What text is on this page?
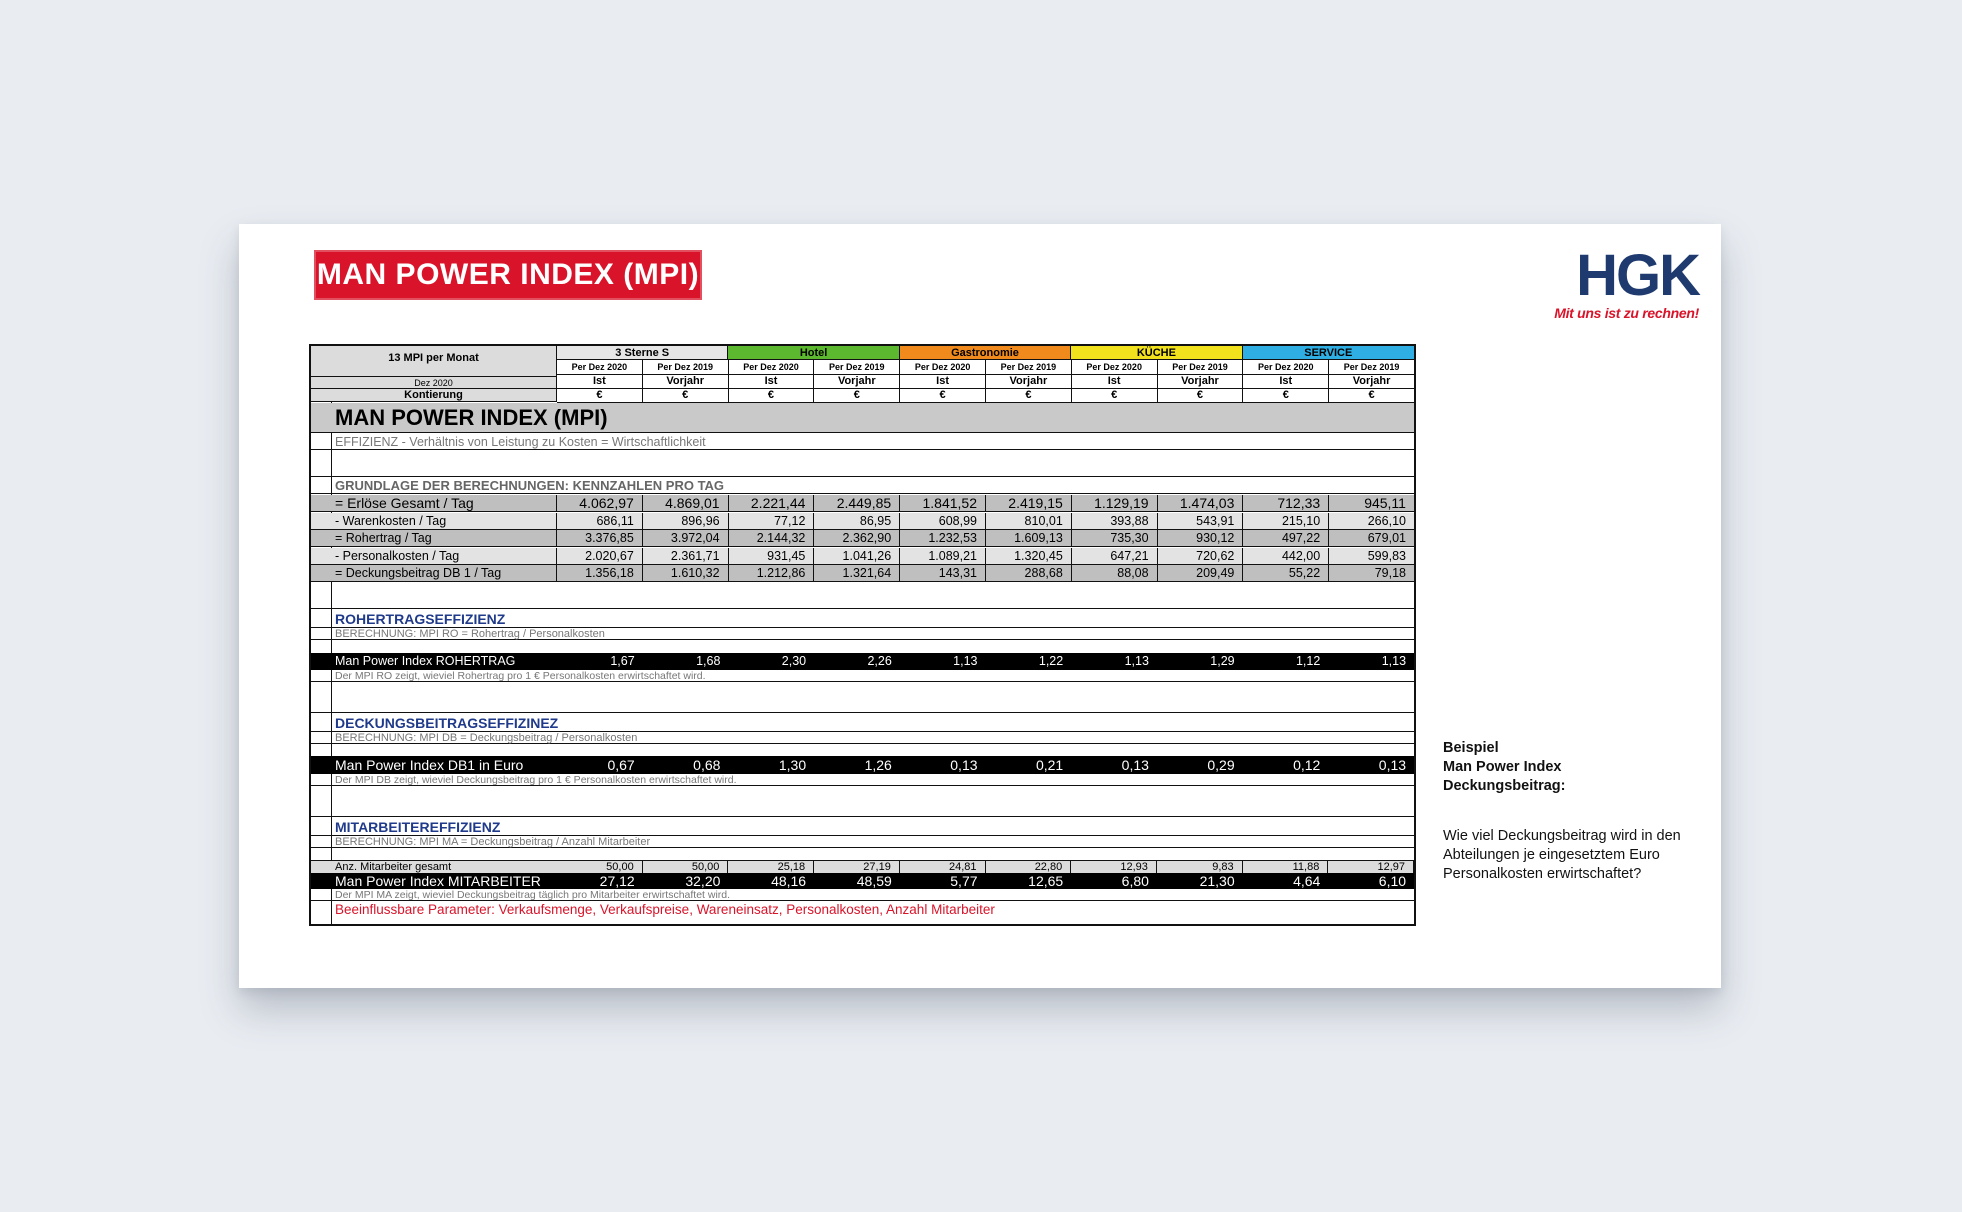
MAN POWER INDEX (MPI)	HGK
Mit uns ist zu rechnen!
13 MPI per Monat
Dez 2020
Kontierung
3 Sterne S	Hotel	Gastronomie	KÜCHE	SERVICE
Per Dez 2020	Per Dez 2019	Per Dez 2020	Per Dez 2019	Per Dez 2020	Per Dez 2019	Per Dez 2020	Per Dez 2019	Per Dez 2020	Per Dez 2019
Ist	Vorjahr	Ist	Vorjahr	Ist	Vorjahr	Ist	Vorjahr	Ist	Vorjahr
€	€	€	€	€	€	€	€	€	€
MAN POWER INDEX (MPI)
EFFIZIENZ - Verhältnis von Leistung zu Kosten = Wirtschaftlichkeit
GRUNDLAGE DER BERECHNUNGEN: KENNZAHLEN PRO TAG
= Erlöse Gesamt / Tag	4.062,97	4.869,01	2.221,44	2.449,85	1.841,52	2.419,15	1.129,19	1.474,03	712,33	945,11
- Warenkosten / Tag	686,11	896,96	77,12	86,95	608,99	810,01	393,88	543,91	215,10	266,10
= Rohertrag / Tag	3.376,85	3.972,04	2.144,32	2.362,90	1.232,53	1.609,13	735,30	930,12	497,22	679,01
- Personalkosten / Tag	2.020,67	2.361,71	931,45	1.041,26	1.089,21	1.320,45	647,21	720,62	442,00	599,83
= Deckungsbeitrag DB 1 / Tag	1.356,18	1.610,32	1.212,86	1.321,64	143,31	288,68	88,08	209,49	55,22	79,18
ROHERTRAGSEFFIZIENZ
BERECHNUNG: MPI RO = Rohertrag / Personalkosten
Man Power Index ROHERTRAG	1,67	1,68	2,30	2,26	1,13	1,22	1,13	1,29	1,12	1,13
Der MPI RO zeigt, wieviel Rohertrag pro 1 € Personalkosten erwirtschaftet wird.
DECKUNGSBEITRAGSEFFIZINEZ
BERECHNUNG: MPI DB = Deckungsbeitrag / Personalkosten
Man Power Index DB1 in Euro	0,67	0,68	1,30	1,26	0,13	0,21	0,13	0,29	0,12	0,13
Der MPI DB zeigt, wieviel Deckungsbeitrag pro 1 € Personalkosten erwirtschaftet wird.
MITARBEITEREFFIZIENZ
BERECHNUNG: MPI MA = Deckungsbeitrag / Anzahl Mitarbeiter
Anz. Mitarbeiter gesamt	50,00	50,00	25,18	27,19	24,81	22,80	12,93	9,83	11,88	12,97
Man Power Index MITARBEITER	27,12	32,20	48,16	48,59	5,77	12,65	6,80	21,30	4,64	6,10
Der MPI MA zeigt, wieviel Deckungsbeitrag täglich pro Mitarbeiter erwirtschaftet wird.
Beeinflussbare Parameter: Verkaufsmenge, Verkaufspreise, Wareneinsatz, Personalkosten, Anzahl Mitarbeiter
Beispiel
Man Power Index
Deckungsbeitrag:
Wie viel Deckungsbeitrag wird in den Abteilungen je eingesetztem Euro Personalkosten erwirtschaftet?
